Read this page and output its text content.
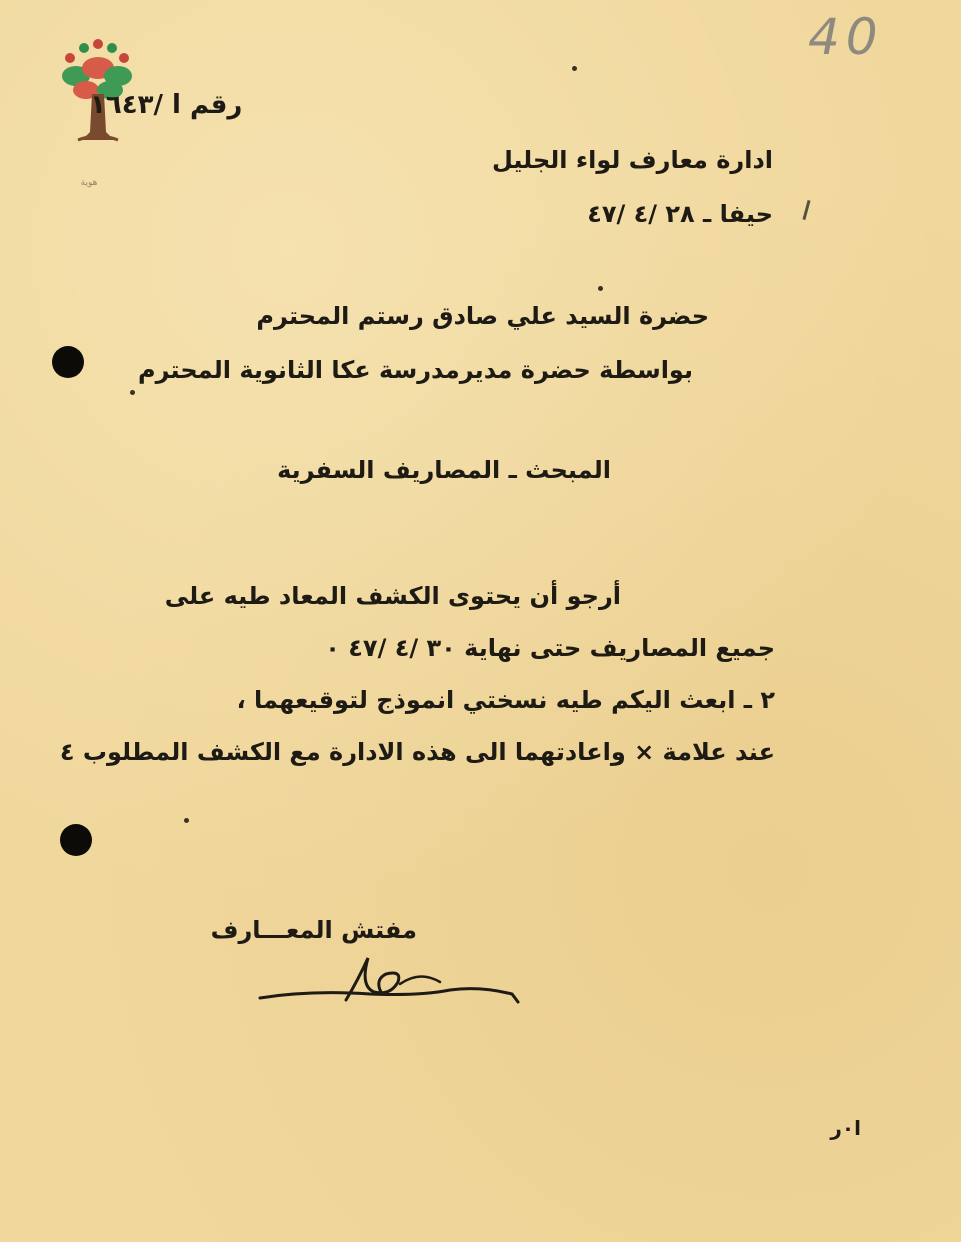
هوية
40
رقم ا /١٦٤٣
ادارة معارف لواء الجليل
حيفا ـ ٢٨ /٤ /٤٧
حضرة السيد علي صادق رستم المحترم
بواسطة حضرة مديرمدرسة عكا الثانوية المحترم
المبحث ـ المصاريف السفرية
أرجو أن يحتوى الكشف المعاد طيه على
جميع المصاريف حتى نهاية ٣٠ /٤ /٤٧ ٠
٢ ـ ابعث اليكم طيه نسختي انموذج لتوقيعهما ،
عند علامة × واعادتهما الى هذه الادارة مع الكشف المطلوب ٤
مفتش المعـــارف
ا٠ر
